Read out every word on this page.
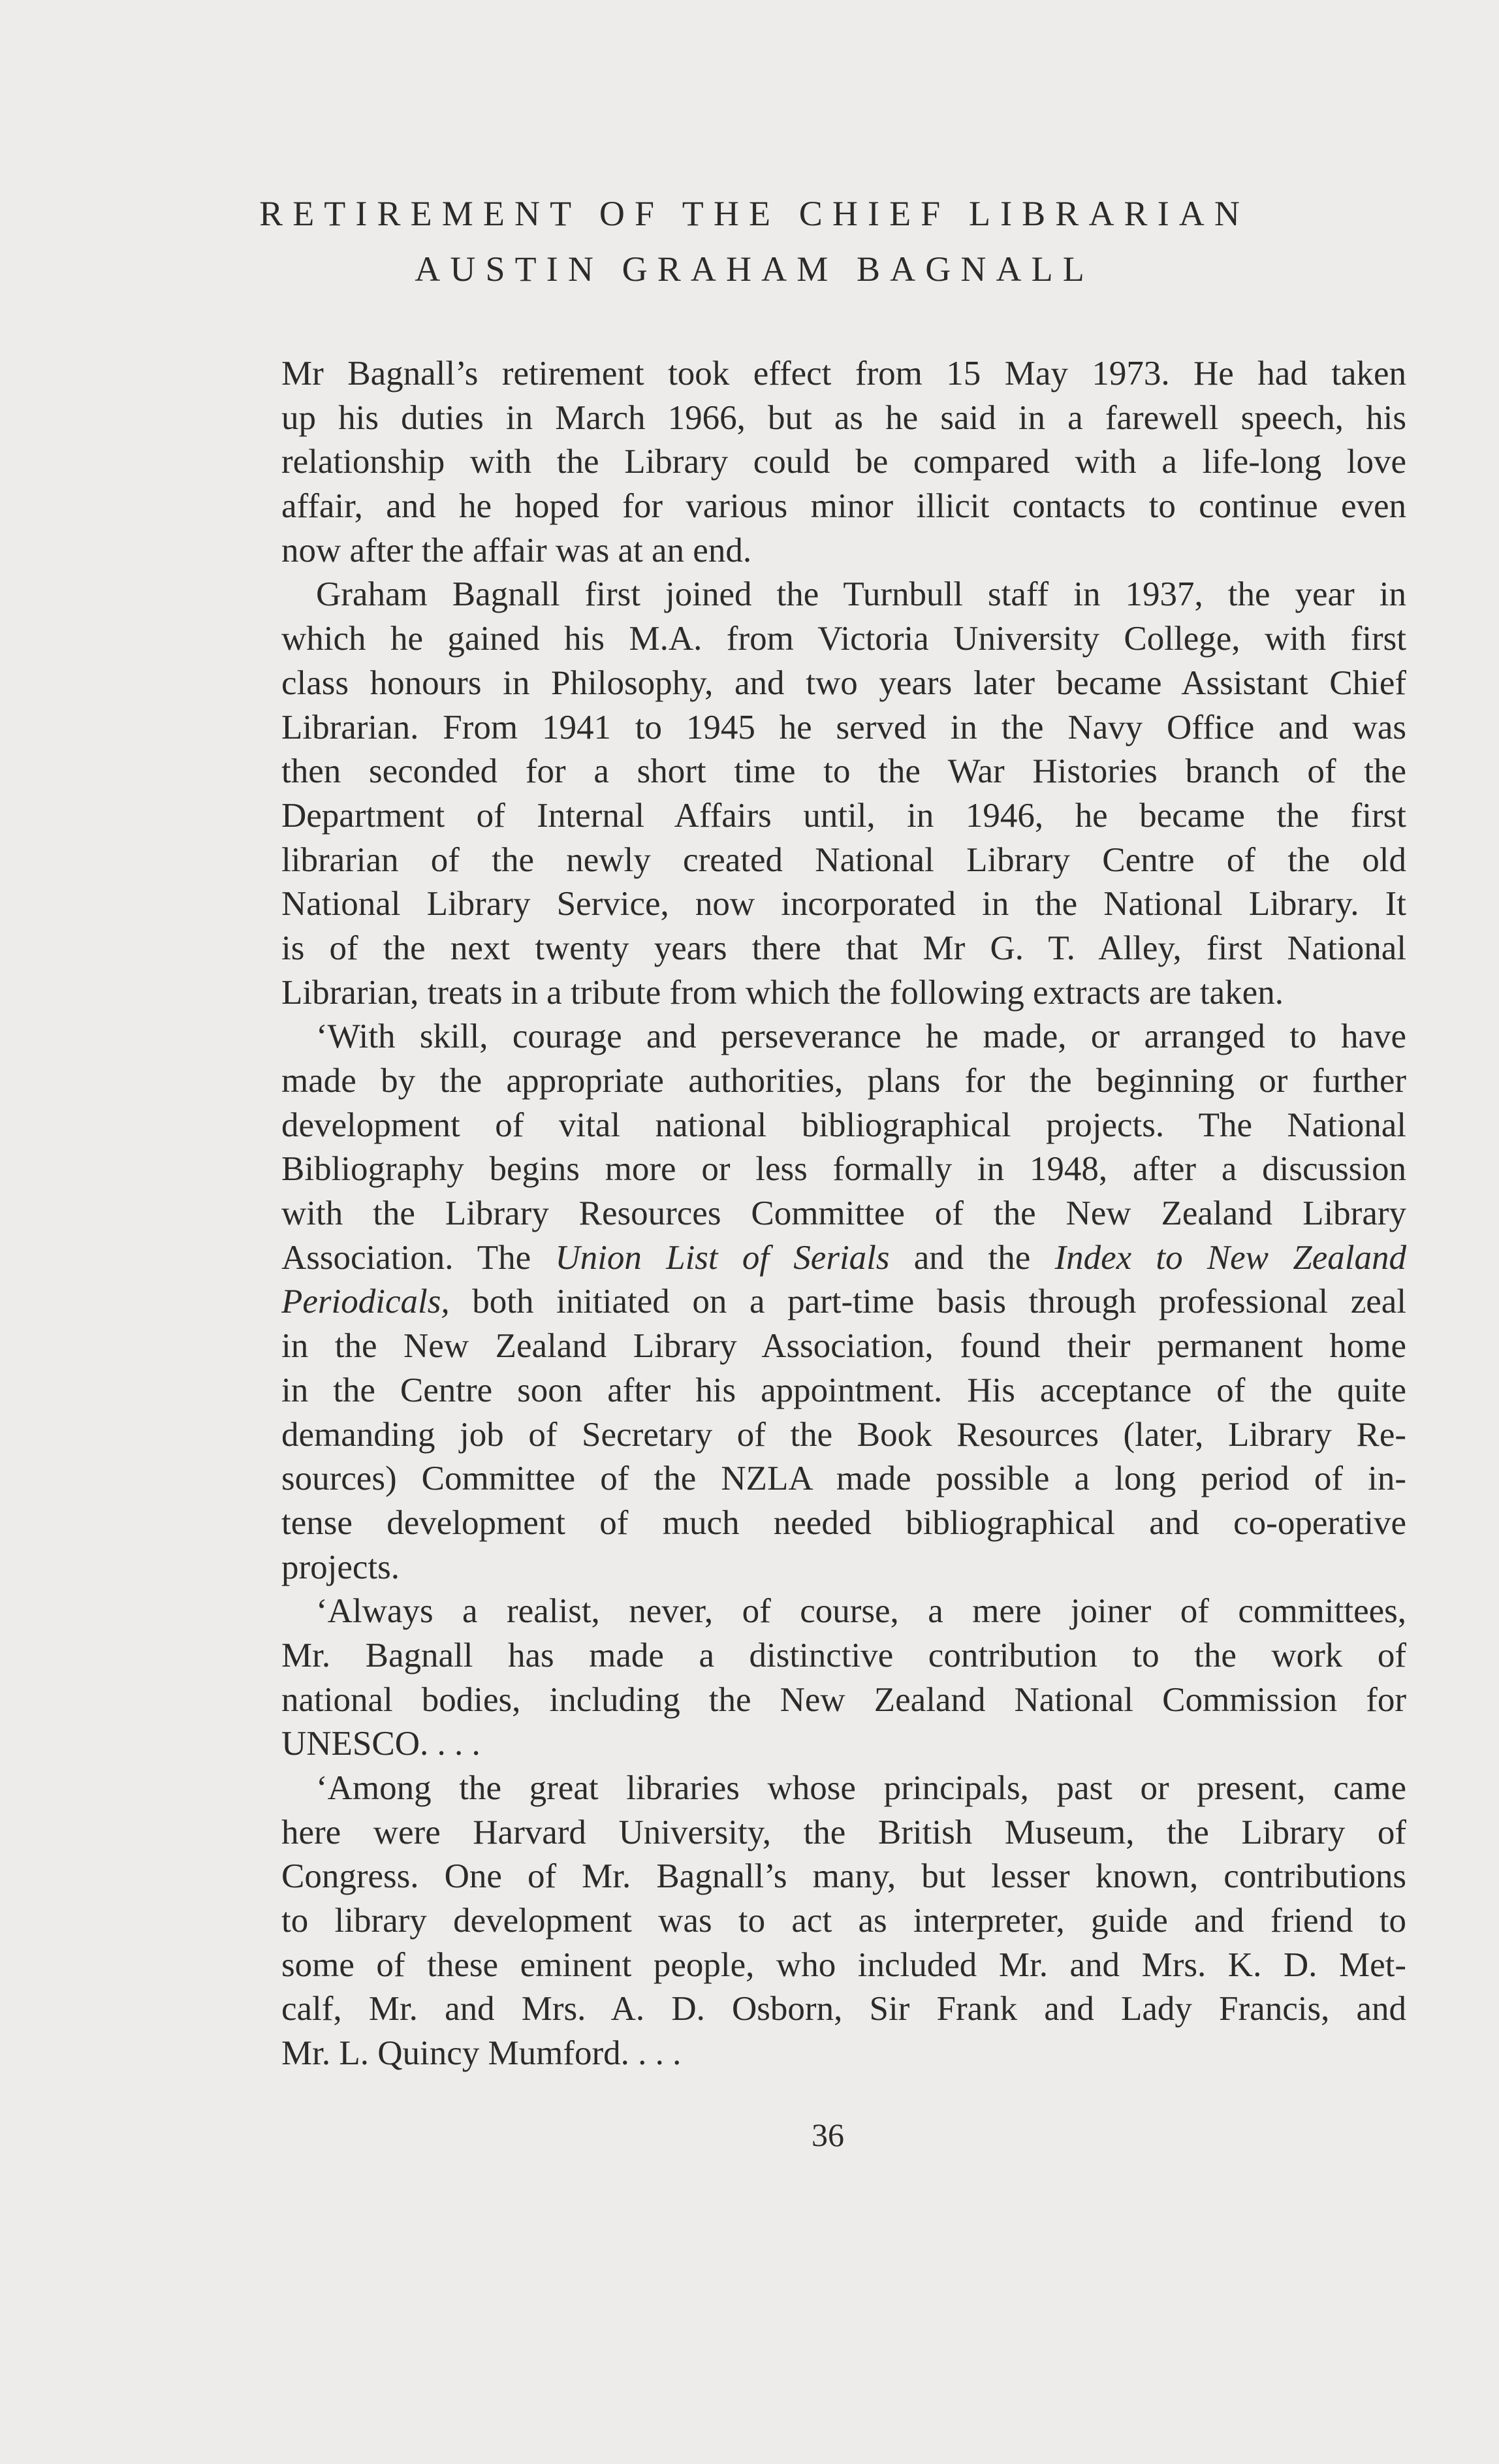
RETIREMENT OF THE CHIEF LIBRARIAN
AUSTIN GRAHAM BAGNALL
Mr Bagnall’s retirement took effect from 15 May 1973. He had taken
up his duties in March 1966, but as he said in a farewell speech, his
relationship with the Library could be compared with a life-long love
affair, and he hoped for various minor illicit contacts to continue even
now after the affair was at an end.
Graham Bagnall first joined the Turnbull staff in 1937, the year in
which he gained his M.A. from Victoria University College, with first
class honours in Philosophy, and two years later became Assistant Chief
Librarian. From 1941 to 1945 he served in the Navy Office and was
then seconded for a short time to the War Histories branch of the
Department of Internal Affairs until, in 1946, he became the first
librarian of the newly created National Library Centre of the old
National Library Service, now incorporated in the National Library. It
is of the next twenty years there that Mr G. T. Alley, first National
Librarian, treats in a tribute from which the following extracts are taken.
‘With skill, courage and perseverance he made, or arranged to have
made by the appropriate authorities, plans for the beginning or further
development of vital national bibliographical projects. The National
Bibliography begins more or less formally in 1948, after a discussion
with the Library Resources Committee of the New Zealand Library
Association. The Union List of Serials and the Index to New Zealand
Periodicals, both initiated on a part-time basis through professional zeal
in the New Zealand Library Association, found their permanent home
in the Centre soon after his appointment. His acceptance of the quite
demanding job of Secretary of the Book Resources (later, Library Re-
sources) Committee of the NZLA made possible a long period of in-
tense development of much needed bibliographical and co-operative
projects.
‘Always a realist, never, of course, a mere joiner of committees,
Mr. Bagnall has made a distinctive contribution to the work of
national bodies, including the New Zealand National Commission for
UNESCO. . . .
‘Among the great libraries whose principals, past or present, came
here were Harvard University, the British Museum, the Library of
Congress. One of Mr. Bagnall’s many, but lesser known, contributions
to library development was to act as interpreter, guide and friend to
some of these eminent people, who included Mr. and Mrs. K. D. Met-
calf, Mr. and Mrs. A. D. Osborn, Sir Frank and Lady Francis, and
Mr. L. Quincy Mumford. . . .
36
